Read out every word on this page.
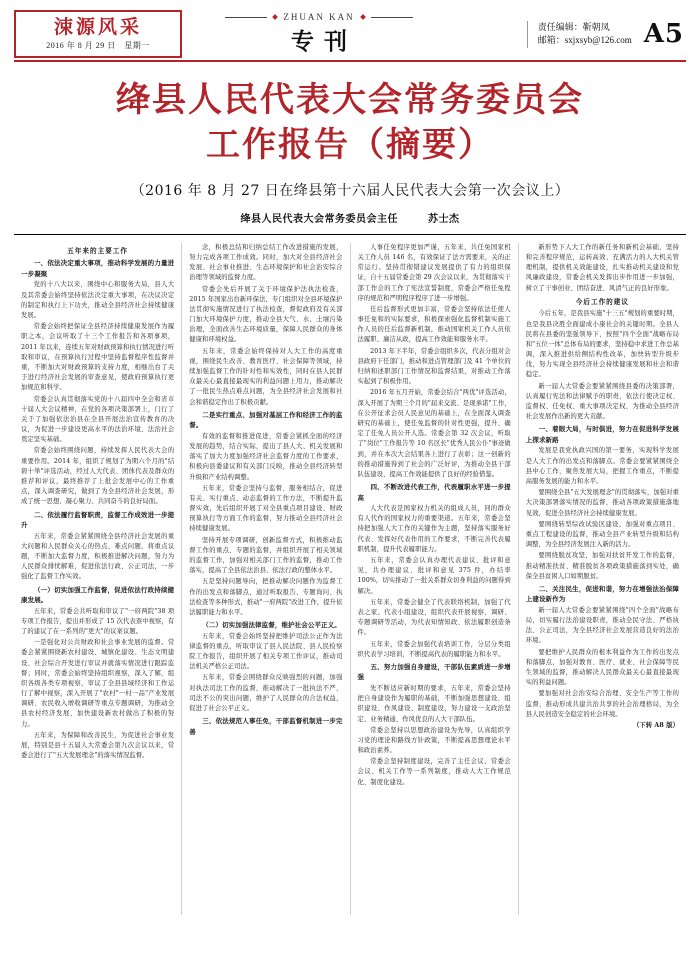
涑源风采
2016 年 8 月 29 日　星期一
ZHUAN KAN
专刊
责任编辑：靳朝凤
邮箱：sxjxsyb@126.com A5
绛县人民代表大会常务委员会
工作报告（摘要）
（2016 年 8 月 27 日在绛县第十六届人民代表大会第一次会议上）
绛县人民代表大会常务委员会主任	苏士杰

五年来的主要工作

一、依法决定重大事项，推动科学发展的力量进一步凝聚

党的十八大以来，围绕中心和服务大局，县人大及其常委会始终坚持依法决定重大事项，在决议决定的制定和执行上下功夫，推动全县经济社会持续健康发展。

常委会始终把保证全县经济持续健康发展作为履职之本，会议听取了十三个工作报告和各项事项，2011 年以来，连续五年对财政预算和执行情况进行听取和审议，在预算执行过程中坚持监督程序性监督并重，不断加大对财政预算的支持力度，相继出台了关于进行经济社会发展的审查意见，使政府预算执行更加规范和科学。

常委会认真贯彻落实党的十八届四中全会和省市十届人大会议精神，在党的各项决策部署上，门行了关于了加强依法治县在全县开展法治宣传教育的决议，为促进一步建设更高水平的法治环境、法治社会奠定坚实基础。

常委会始终围绕问题，持续发挥人民代表大会的重要作用。2014 年，组织了规划了为期六个月的"结碧十举"评选活动，经过人大代表、团体代表及群众的推荐和评议，最终推荐了上批会发展中心的工作重点，深入调查研究，做到了为全县经济社会发展，形成了统一思想、凝心聚力、共同奋斗的良好局面。

二、依法履行监督职责，监督工作成效进一步提升

五年来，常委会紧紧围绕全县经济社会发展的重大问题和人民群众关心的热点、难点问题，将重点议题，不断加大监督力度，积极推进解决问题，努力为人民群众排忧解难，促进依法行政、公正司法，一步强化了监督工作实效。

（一）切实加强工作监督，促进依法行政持续健康发展。

五年来，常委会共听取和审议了"一府两院"38 项专项工作报告，提出并形成了 15 次代表票中视察，有了的建议了在一系列的"更大"的议案议题。

一是强化对公共财政和社会事业发展的监督。常委会紧紧围绕新农村建设、城镇化建设、生态文明建设、社会综合开发进行审议并就落实情况进行跟踪监督；同时，常委会始终坚持组织视察，深入了解，组织各级各类专项视察，审议了全县县域经济和工作运行了解中视察，深入开展了"农村"一村一品"产业发展调研、农民收入增收调研等重点专题调研，为推动全县农村经济发展、加快建设新农村做出了积极的努力。

五年来，为保障和改善民生，为促进社会事业发展，特别是县十五届人大常委会第九次会议以来，常委会进行了"五大发展理念"的落实情况监督。

念，积极总结和归纳总结工作改进措施的发展，努力完成各项工作成效。同时，加大对全县经济社会发展、社会事业推进、生态环境保护和社会治安综合治理等领域的监督力度。

常委会先后开展了关于环境保护法执法检查，2015 年国家出台新环保法，专门组织对全县环境保护法贯彻实施情况进行了执法检查，督促政府及有关部门加大环境保护力度，推动全县大气、水、土壤污染治理，全面改善生态环境质量，保障人民群众的身体健康和环境权益。

五年来，常委会始终保持对人大工作的高度重视，围绕民生改善、教育医疗、社会保障等领域，持续加强监督工作的针对性和实效性，同时在县人民群众最关心最直接最现实的利益问题上用力，推动解决了一批民生热点难点问题，为全县经济社会发展和社会和谐稳定作出了积极贡献。

二是实行重点、加强对基层工作和经济工作的监督。

有效的监督和推进促进，常委会紧抓全面的经济发展的趋势，结合实际，提出了县人大、机关发展和落实了加大力度加强经济社会监督力度的工作要求，积极向县委建议和有关部门反映，推动全县经济转型升级和产业结构调整。

五年来，常委会坚持与监督、服务相结合，促进有关、实行重点、动态监督的工作方法，不断提升监督实效，先后组织开展了对全县重点项目建设、财政预算执行等方面工作的监督，努力推动全县经济社会持续健康发展。

坚持开展专项调研，创新监督方式，积极推动监督工作的重点、专题的监督，并组织开展了相关领域的监督工作，加强对相关部门工作的监督，推动工作落实，提高了全县依法治县、依法行政的整体水平。

五是坚持问题导向，把推动解决问题作为监督工作的出发点和落脚点，通过听取报告、专题询问、执法检查等多种形式，推动"一府两院"改进工作，提升依法履职能力和水平。

（二）切实加强法律监督，维护社会公平正义。

五年来，常委会始终坚持把维护司法公正作为法律监督的重点，听取审议了县人民法院、县人民检察院工作报告，组织开展了相关专项工作评议，推动司法机关严格公正司法。

五年来，常委会围绕群众反映强烈的问题，加强对执法司法工作的监督，推动解决了一批执法不严、司法不公的突出问题，维护了人民群众的合法权益，促进了社会公平正义。

三、依法规范人事任免，干部监督机制进一步完善

人事任免程序更加严谨，五年来，共任免国家机关工作人员 146 名，有效保证了法方需要来，关的正常运行。坚持贯彻错建议发展提供了有力的组织保证，自十五届常委会第 29 次会议以来，为贯彻落实干部工作会的工作了宪法宣誓制度，常委会严格任免程序的规范和严明程序程序了进一步增强。

任后监督形式更加丰富，常委会坚持依法任使人事任免和的实际要求，积极探索强化监督机制实施工作人员的任后监督新机制，推动国家机关工作人员依法履职、廉洁从政，提高工作效能和服务水平。

2013 年下半年，常委会组织多次，代表分组对会县政府下任部门，推动和进点管理部门及 41 个单位的归纳和述职部门工作情况和监督结果，对推动工作落实起到了积极作用。

2016 年五月开始，常委会结合"两优"评选活动，深入开展了为期三个月的"届来交流、是现承诺"工作，在公开征求会员人民意见的基础上，在全面深入调查研究的基础上，使任免监督的针对性更强，提升、确定了任免人员公开人选。常委会第 32 次会议，听取了"岗位"工作报告等 10 名区长"优秀人民公仆"事迹做到，并在本次大会结果各上进行了表彰；这一创新的的推动措施得到了社会的广泛好评，为推动全县干部队伍建设、提高工作效能提供了良好的经验借鉴。

四、不断改进代表工作，代表履职水平进一步提高

人大代表是国家权力机关的组成人员，同的群众有人代作的国家权力的重要渠道。五年来，常委会坚持把加强人大工作的关键作为主题，坚持落实服务好代表、发挥好代表作用的工作要求，不断完善代表履职机制，提升代表履职能力。

五年来，常委会认真办理代表建议、批评和意见，共办理建议、批评和意见 375 件，办结率 100%，切实推动了一批关系群众切身利益的问题得到解决。

五年来，常委会健全了代表联络机制，加强了代表之家、代表小组建设，组织代表开展视察、调研、专题调研等活动，为代表知情知政、依法履职创造条件。

五年来，常委会加强代表培训工作，分层分类组织代表学习培训，不断提高代表的履职能力和水平。

五、努力加强自身建设，干部队伍素质进一步增强

先不断适应新时期的要求，五年来，常委会坚持把自身建设作为履职的基础，不断加强思想建设、组织建设、作风建设、制度建设，努力建设一支政治坚定、业务精通、作风优良的人大干部队伍。

常委会坚持以思想政治建设为先导，认真组织学习党的理论和路线方针政策，不断提高思想理论水平和政治素养。

常委会坚持制度建设，完善了主任会议、常委会会议、机关工作等一系列制度，推动人大工作规范化、制度化建设。

新形势下人大工作的新任务和新机会基础、坚持和完善程序规范，运转高效、充满活力的人大机关管理机制，提供机关效能建设，扎实推动机关建设和党风廉政建设，常委会机关发挥出步作用进一步加强，树立了干事创业、团结奋进、风清气正的良好形象。

今后工作的建议

今后五年，是我县实施"十三五"规划的重要时期，也是我县决胜全面建成小康社会的关键时期。全县人民将在县委的坚强领导下，按照"四个全面"战略布局和"五位一体"总体布局的要求，坚持稳中求进工作总基调，深入推进供给侧结构性改革，加快转型升级步伐，努力实现全县经济社会持续健康发展和社会和谐稳定。

新一届人大常委会要紧紧围绕县委的决策部署，认真履行宪法和法律赋予的职责，依法行使决定权、监督权、任免权、重大事项决定权，为推动全县经济社会发展作出新的更大贡献。

一、着眼大局，与时俱进，努力在促进科学发展上探求新路

发展是我党执政兴国的第一要务，实现科学发展是人大工作的出发点和落脚点。常委会要紧紧围绕全县中心工作，聚焦发展大局，把握工作重点，不断提高服务发展的能力和水平。

要围绕全县"五大发展理念"的贯彻落实，加强对重大决策部署落实情况的监督，推动各项政策措施落地见效，促进全县经济社会持续健康发展。

要围绕转型综改试验区建设，加强对重点项目、重点工程建设的监督，推动全县产业转型升级和结构调整，为全县经济发展注入新的活力。

要围绕脱贫攻坚，加强对扶贫开发工作的监督，推动精准扶贫、精准脱贫各项政策措施落到实处，确保全县贫困人口如期脱贫。

二、关注民生，促进和谐，努力在增强法治保障上建设新作为

新一届人大常委会要紧紧围绕"四个全面"战略布局，切实履行法治建设职责，推动全民守法、严格执法、公正司法，为全县经济社会发展营造良好的法治环境。

要把维护人民群众的根本利益作为工作的出发点和落脚点，加强对教育、医疗、就业、社会保障等民生领域的监督，推动解决人民群众最关心最直接最现实的利益问题。

要加强对社会治安综合治理、安全生产等工作的监督，推动形成共建共治共享的社会治理格局，为全县人民创造安全稳定的社会环境。

（下转 A8 版）
